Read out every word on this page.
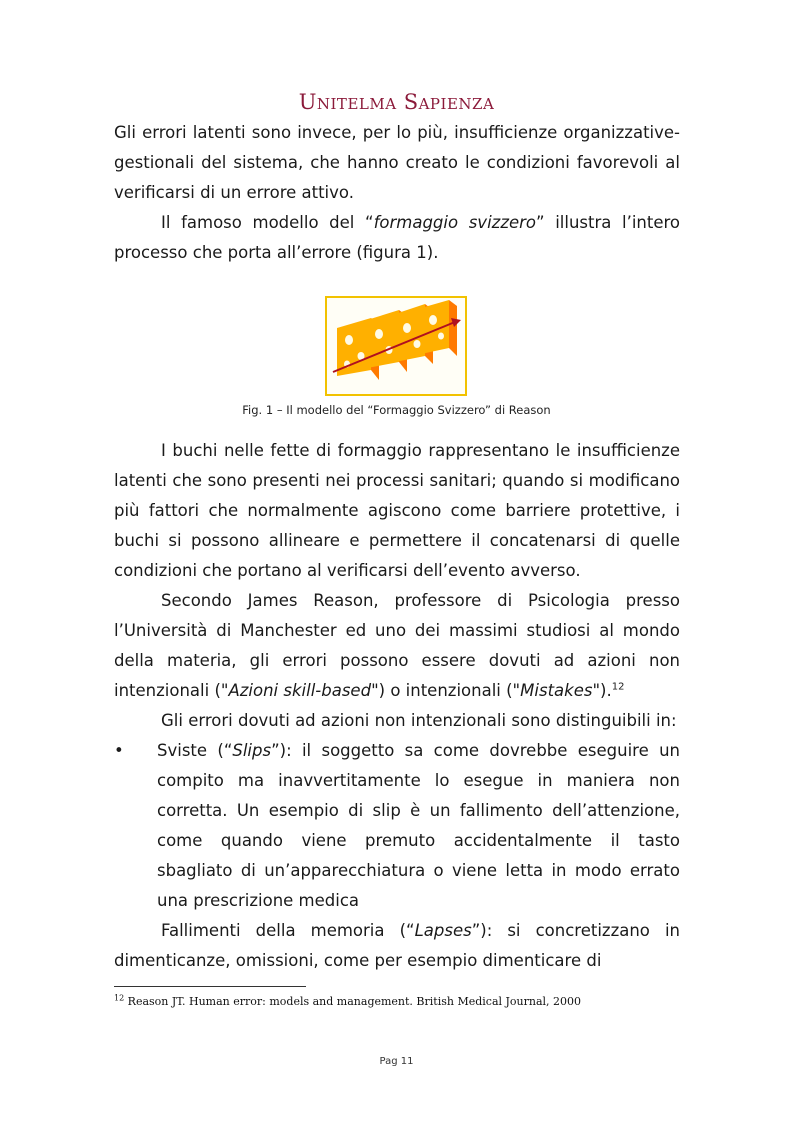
Unitelma Sapienza

Gli errori latenti sono invece, per lo più, insufficienze organizzative-gestionali del sistema, che hanno creato le condizioni favorevoli al verificarsi di un errore attivo.

Il famoso modello del “formaggio svizzero” illustra l’intero processo che porta all’errore (figura 1).

Fig. 1 – Il modello del “Formaggio Svizzero” di Reason

I buchi nelle fette di formaggio rappresentano le insufficienze latenti che sono presenti nei processi sanitari; quando si modificano più fattori che normalmente agiscono come barriere protettive, i buchi si possono allineare e permettere il concatenarsi di quelle condizioni che portano al verificarsi dell’evento avverso.

Secondo James Reason, professore di Psicologia presso l’Università di Manchester ed uno dei massimi studiosi al mondo della materia, gli errori possono essere dovuti ad azioni non intenzionali ("Azioni skill-based") o intenzionali ("Mistakes").$^{12}$

Gli errori dovuti ad azioni non intenzionali sono distinguibili in:

• Sviste (“Slips”): il soggetto sa come dovrebbe eseguire un compito ma inavvertitamente lo esegue in maniera non corretta. Un esempio di slip è un fallimento dell’attenzione, come quando viene premuto accidentalmente il tasto sbagliato di un’apparecchiatura o viene letta in modo errato una prescrizione medica

Fallimenti della memoria (“Lapses”): si concretizzano in dimenticanze, omissioni, come per esempio dimenticare di

$^{12}$ Reason JT. Human error: models and management. British Medical Journal, 2000
Pag 11
